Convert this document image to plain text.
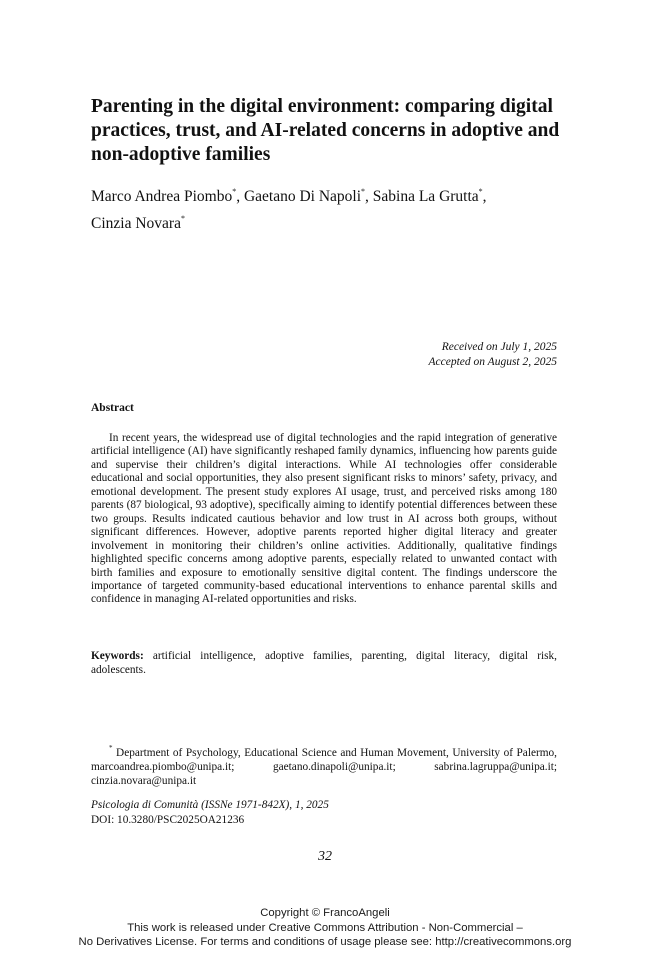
Parenting in the digital environment: comparing digital practices, trust, and AI-related concerns in adoptive and non-adoptive families

Marco Andrea Piombo*, Gaetano Di Napoli*, Sabina La Grutta*,
Cinzia Novara*

Received on July 1, 2025
Accepted on August 2, 2025
Abstract

In recent years, the widespread use of digital technologies and the rapid integration of generative artificial intelligence (AI) have significantly reshaped family dynamics, influencing how parents guide and supervise their children’s digital interactions. While AI technologies offer considerable educational and social opportunities, they also present significant risks to minors’ safety, privacy, and emotional development. The present study explores AI usage, trust, and perceived risks among 180 parents (87 biological, 93 adoptive), specifically aiming to identify potential differences between these two groups. Results indicated cautious behavior and low trust in AI across both groups, without significant differences. However, adoptive parents reported higher digital literacy and greater involvement in monitoring their children’s online activities. Additionally, qualitative findings highlighted specific concerns among adoptive parents, especially related to unwanted contact with birth families and exposure to emotionally sensitive digital content. The findings underscore the importance of targeted community-based educational interventions to enhance parental skills and confidence in managing AI-related opportunities and risks.

Keywords: artificial intelligence, adoptive families, parenting, digital literacy, digital risk, adolescents.

* Department of Psychology, Educational Science and Human Movement, University of Palermo, marcoandrea.piombo@unipa.it; gaetano.dinapoli@unipa.it; sabrina.lagruppa@unipa.it; cinzia.novara@unipa.it

Psicologia di Comunità (ISSNe 1971-842X), 1, 2025
DOI: 10.3280/PSC2025OA21236
32
Copyright © FrancoAngeli
This work is released under Creative Commons Attribution - Non-Commercial –
No Derivatives License. For terms and conditions of usage please see: http://creativecommons.org
